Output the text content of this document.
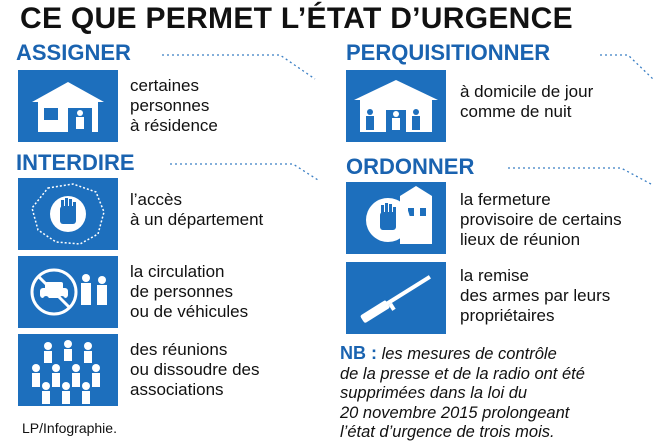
CE QUE PERMET L’ÉTAT D’URGENCE
ASSIGNER
certaines
personnes
à résidence
PERQUISITIONNER
à domicile de jour
comme de nuit
INTERDIRE
l’accès
à un département
la circulation
de personnes
ou de véhicules
des réunions
ou dissoudre des
associations
ORDONNER
la fermeture
provisoire de certains
lieux de réunion
la remise
des armes par leurs
propriétaires
NB : les mesures de contrôle
de la presse et de la radio ont été
supprimées dans la loi du
20 novembre 2015 prolongeant
l’état d’urgence de trois mois.
LP/Infographie.
